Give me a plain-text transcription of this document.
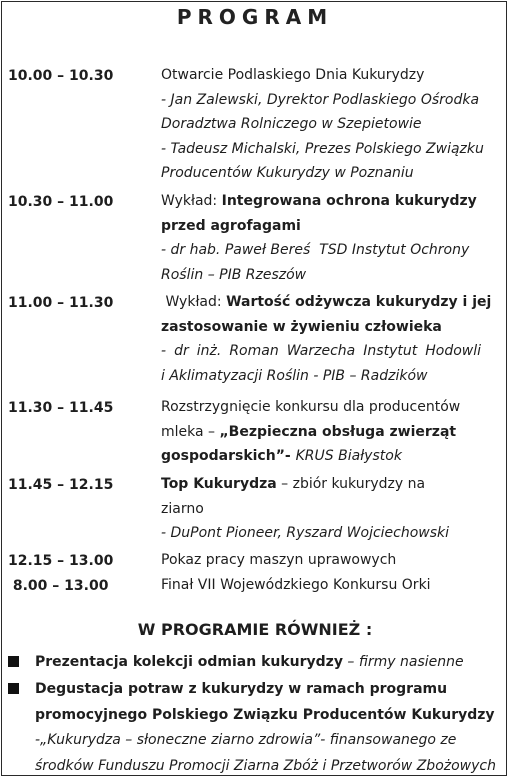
PROGRAM
10.00 – 10.30	Otwarcie Podlaskiego Dnia Kukurydzy
- Jan Zalewski, Dyrektor Podlaskiego Ośrodka
Doradztwa Rolniczego w Szepietowie
- Tadeusz Michalski, Prezes Polskiego Związku
Producentów Kukurydzy w Poznaniu
10.30 – 11.00	Wykład: Integrowana ochrona kukurydzy
przed agrofagami
- dr hab. Paweł Bereś  TSD Instytut Ochrony
Roślin – PIB Rzeszów
11.00 – 11.30	Wykład: Wartość odżywcza kukurydzy i jej
zastosowanie w żywieniu człowieka
- dr inż. Roman Warzecha Instytut Hodowli
i Aklimatyzacji Roślin - PIB – Radzików
11.30 – 11.45	Rozstrzygnięcie konkursu dla producentów
mleka – „Bezpieczna obsługa zwierząt
gospodarskich”- KRUS Białystok
11.45 – 12.15	Top Kukurydza – zbiór kukurydzy na
ziarno
- DuPont Pioneer, Ryszard Wojciechowski
12.15 – 13.00	Pokaz pracy maszyn uprawowych
8.00 – 13.00	Finał VII Wojewódzkiego Konkursu Orki
W PROGRAMIE RÓWNIEŻ :
Prezentacja kolekcji odmian kukurydzy – firmy nasienne
Degustacja potraw z kukurydzy w ramach programu
promocyjnego Polskiego Związku Producentów Kukurydzy
-„Kukurydza – słoneczne ziarno zdrowia”- finansowanego ze
środków Funduszu Promocji Ziarna Zbóż i Przetworów Zbożowych
